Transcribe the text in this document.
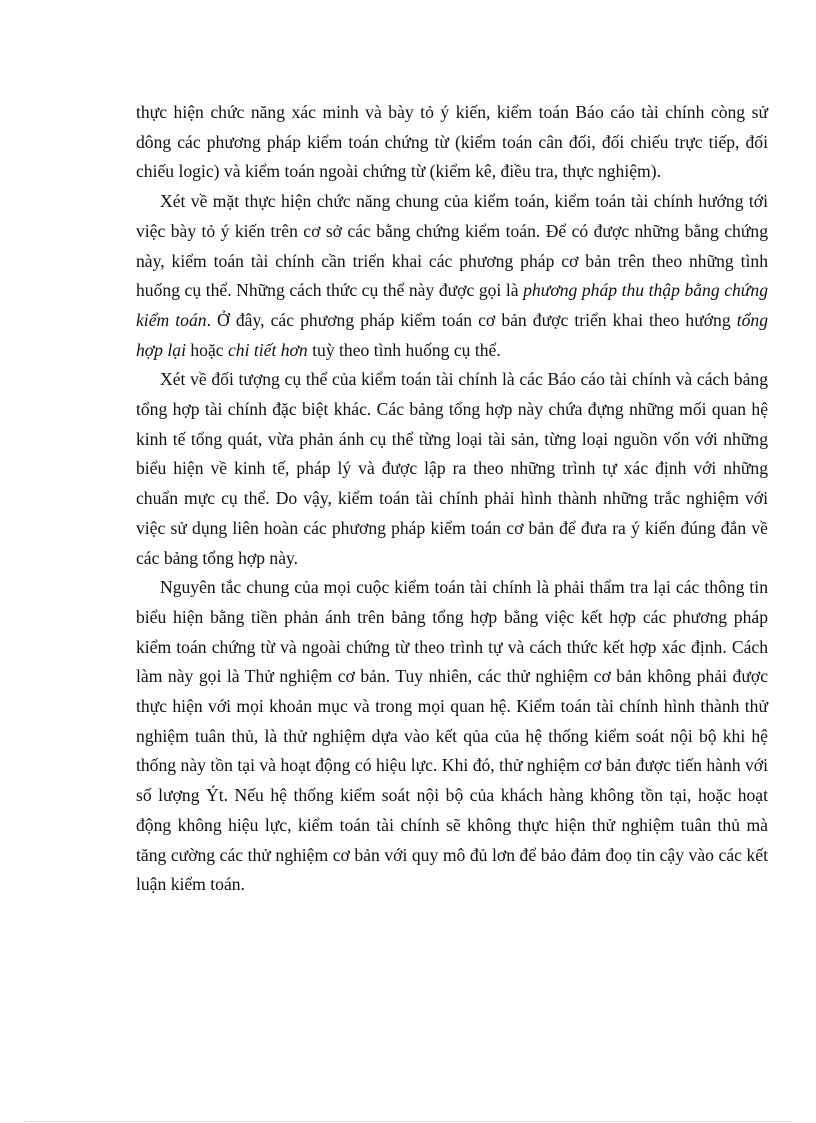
thực hiện chức năng xác minh và bày tỏ ý kiến, kiểm toán Báo cáo tài chính còng sử dông các phương pháp kiểm toán chứng từ (kiểm toán cân đối, đối chiếu trực tiếp, đối chiếu logic) và kiểm toán ngoài chứng từ (kiểm kê, điều tra, thực nghiệm).

Xét về mặt thực hiện chức năng chung của kiểm toán, kiểm toán tài chính hướng tới việc bày tỏ ý kiến trên cơ sở các bằng chứng kiểm toán. Để có được những bằng chứng này, kiểm toán tài chính cần triển khai các phương pháp cơ bản trên theo những tình huống cụ thể. Những cách thức cụ thể này được gọi là phương pháp thu thập bằng chứng kiểm toán. Ở đây, các phương pháp kiểm toán cơ bản được triển khai theo hướng tổng hợp lại hoặc chi tiết hơn tuỳ theo tình huống cụ thể.

Xét về đối tượng cụ thể của kiểm toán tài chính là các Báo cáo tài chính và cách bảng tổng hợp tài chính đặc biệt khác. Các bảng tổng hợp này chứa đựng những mối quan hệ kinh tế tổng quát, vừa phản ánh cụ thể từng loại tài sản, từng loại nguồn vốn với những biểu hiện về kinh tế, pháp lý và được lập ra theo những trình tự xác định với những chuẩn mực cụ thể. Do vậy, kiểm toán tài chính phải hình thành những trắc nghiệm với việc sử dụng liên hoàn các phương pháp kiểm toán cơ bản để đưa ra ý kiến đúng đắn về các bảng tổng hợp này.

Nguyên tắc chung của mọi cuộc kiểm toán tài chính là phải thẩm tra lại các thông tin biểu hiện bằng tiền phản ánh trên bảng tổng hợp bằng việc kết hợp các phương pháp kiểm toán chứng từ và ngoài chứng từ theo trình tự và cách thức kết hợp xác định. Cách làm này gọi là Thử nghiệm cơ bản. Tuy nhiên, các thử nghiệm cơ bản không phải được thực hiện với mọi khoản mục và trong mọi quan hệ. Kiểm toán tài chính hình thành thử nghiệm tuân thủ, là thử nghiệm dựa vào kết qủa của hệ thống kiểm soát nội bộ khi hệ thống này tồn tại và hoạt động có hiệu lực. Khi đó, thử nghiệm cơ bản được tiến hành với số lượng Ýt. Nếu hệ thống kiểm soát nội bộ của khách hàng không tồn tại, hoặc hoạt động không hiệu lực, kiểm toán tài chính sẽ không thực hiện thử nghiệm tuân thủ mà tăng cường các thử nghiệm cơ bản với quy mô đủ lơn để bảo đảm đoọ tin cậy vào các kết luận kiểm toán.
